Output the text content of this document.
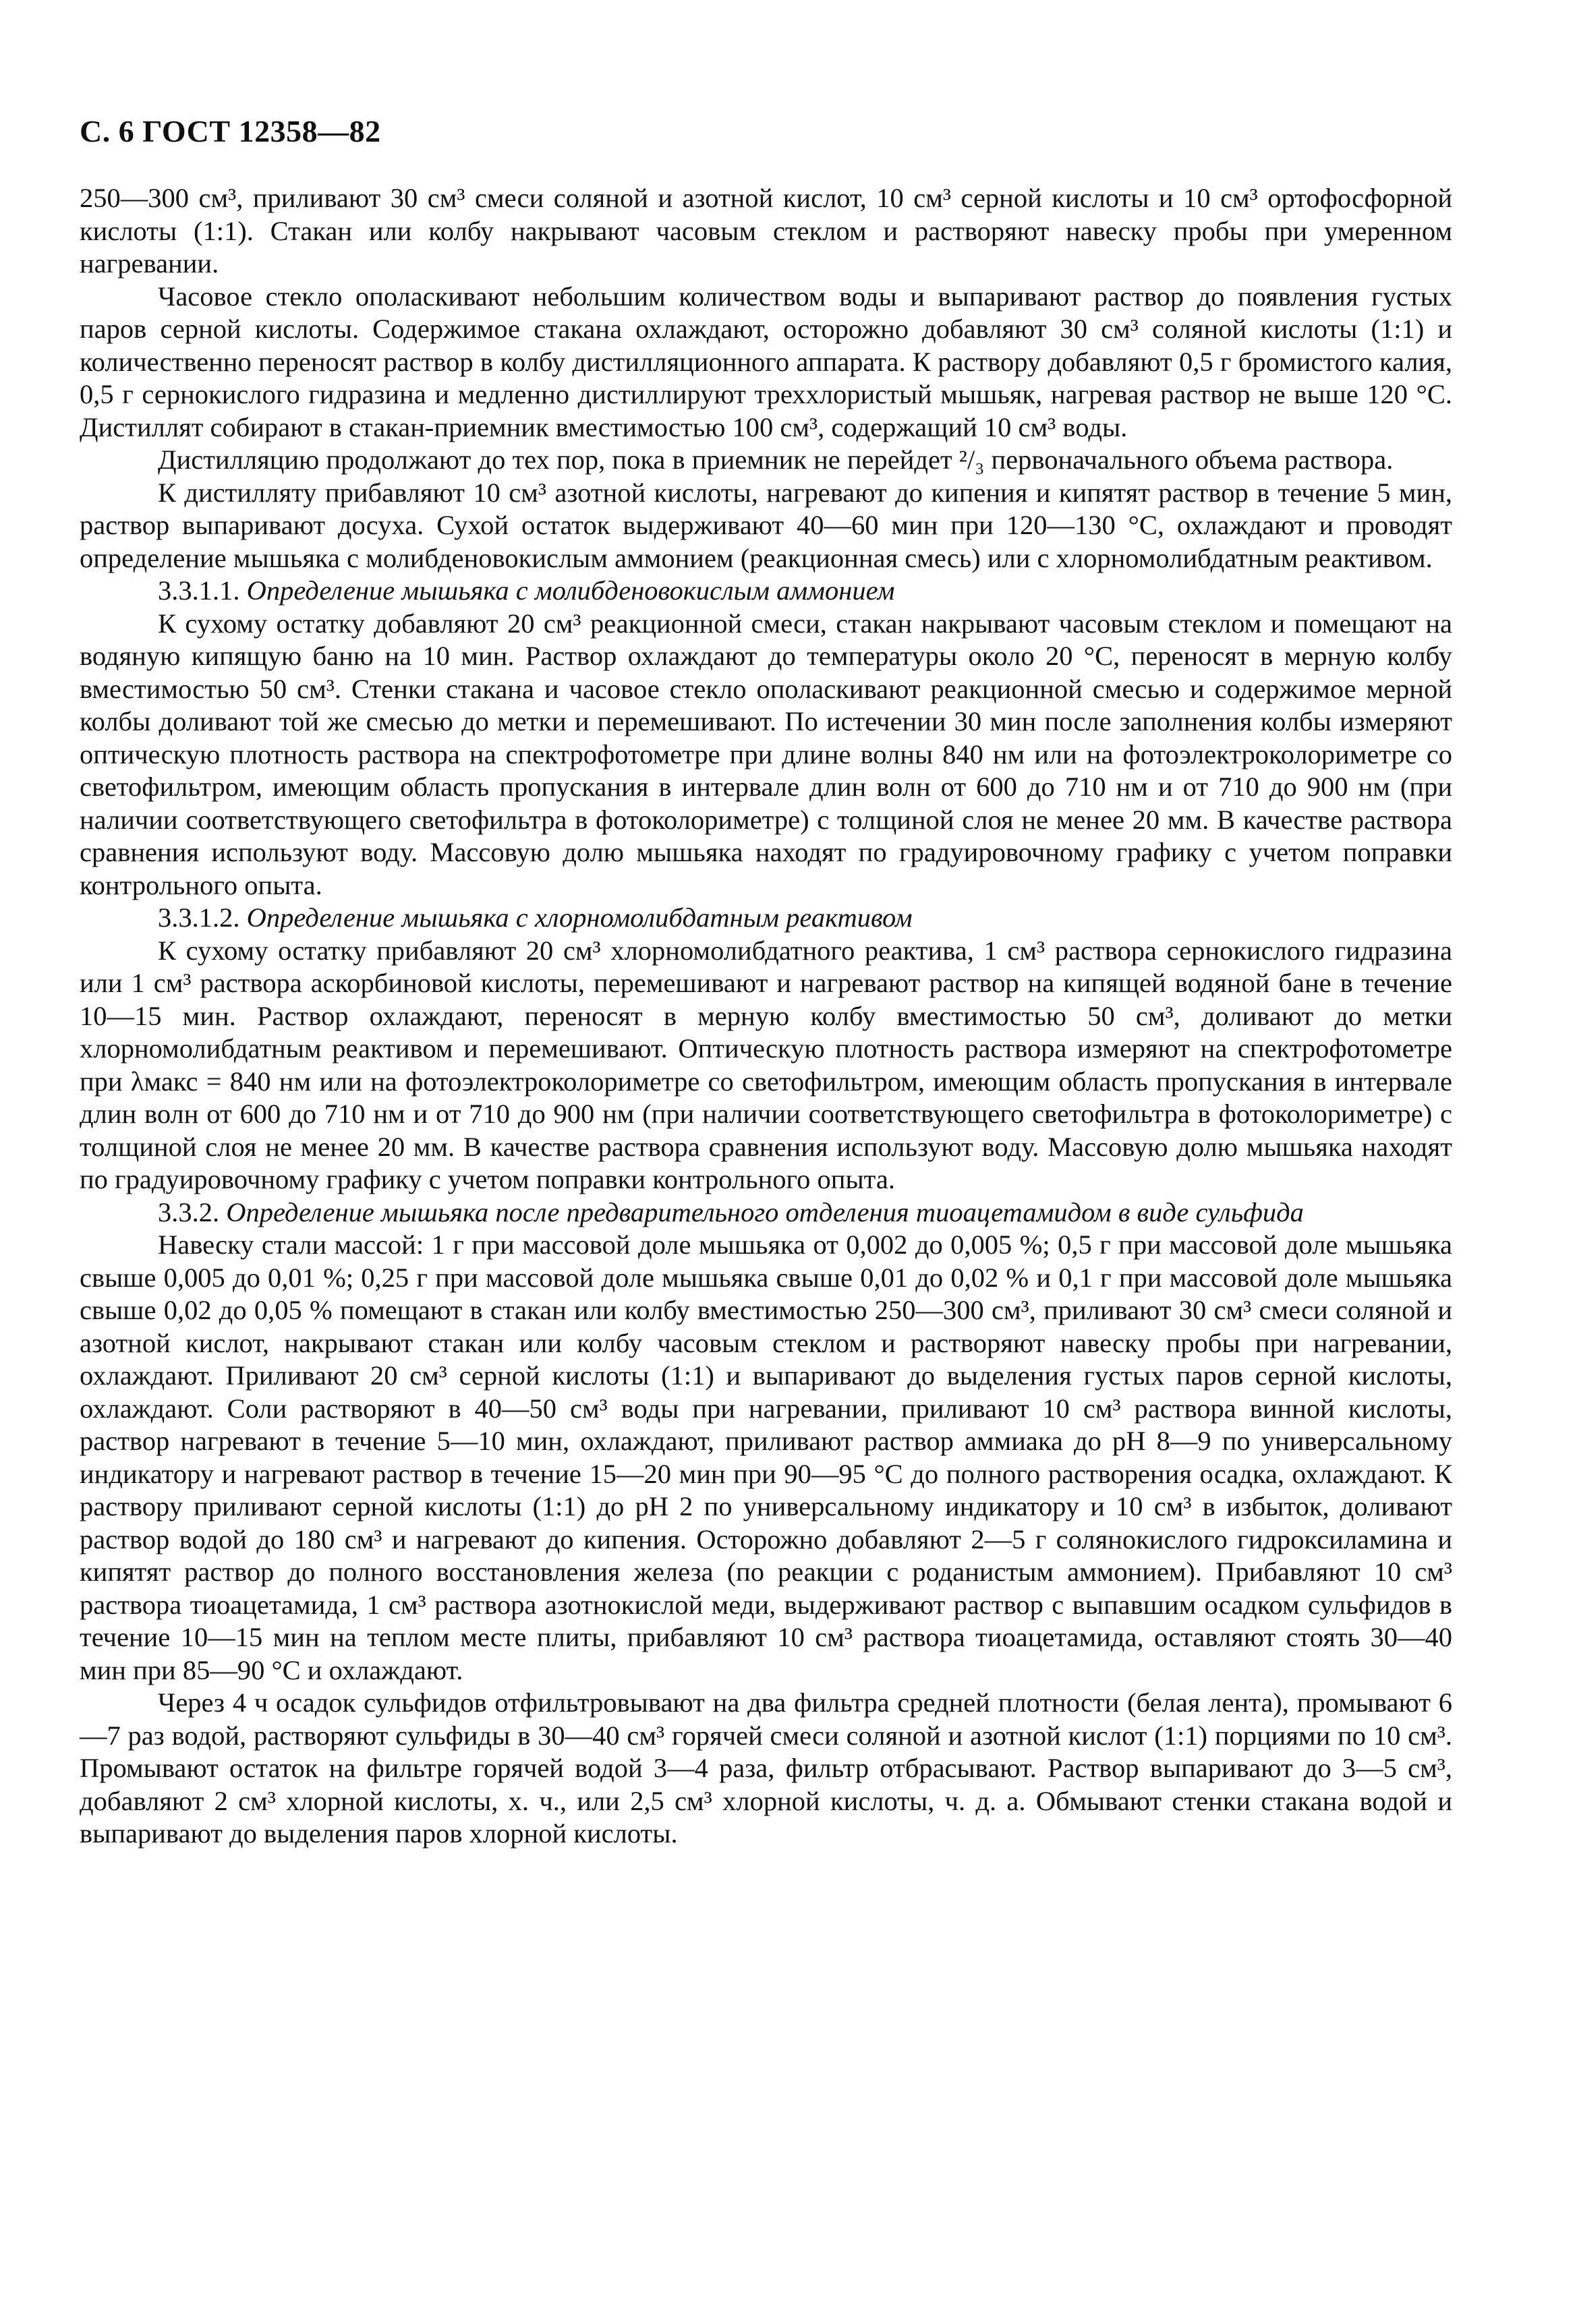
С. 6 ГОСТ 12358—82

250—300 см³, приливают 30 см³ смеси соляной и азотной кислот, 10 см³ серной кислоты и 10 см³ ортофосфорной кислоты (1:1). Стакан или колбу накрывают часовым стеклом и растворяют навеску пробы при умеренном нагревании.

Часовое стекло ополаскивают небольшим количеством воды и выпаривают раствор до появления густых паров серной кислоты. Содержимое стакана охлаждают, осторожно добавляют 30 см³ соляной кислоты (1:1) и количественно переносят раствор в колбу дистилляционного аппарата. К раствору добавляют 0,5 г бромистого калия, 0,5 г сернокислого гидразина и медленно дистиллируют треххлористый мышьяк, нагревая раствор не выше 120 °С. Дистиллят собирают в стакан-приемник вместимостью 100 см³, содержащий 10 см³ воды.

Дистилляцию продолжают до тех пор, пока в приемник не перейдет ²/₃ первоначального объема раствора.

К дистилляту прибавляют 10 см³ азотной кислоты, нагревают до кипения и кипятят раствор в течение 5 мин, раствор выпаривают досуха. Сухой остаток выдерживают 40—60 мин при 120—130 °С, охлаждают и проводят определение мышьяка с молибденовокислым аммонием (реакционная смесь) или с хлорномолибдатным реактивом.

3.3.1.1. Определение мышьяка с молибденовокислым аммонием

К сухому остатку добавляют 20 см³ реакционной смеси, стакан накрывают часовым стеклом и помещают на водяную кипящую баню на 10 мин. Раствор охлаждают до температуры около 20 °С, переносят в мерную колбу вместимостью 50 см³. Стенки стакана и часовое стекло ополаскивают реакционной смесью и содержимое мерной колбы доливают той же смесью до метки и перемешивают. По истечении 30 мин после заполнения колбы измеряют оптическую плотность раствора на спектрофотометре при длине волны 840 нм или на фотоэлектроколориметре со светофильтром, имеющим область пропускания в интервале длин волн от 600 до 710 нм и от 710 до 900 нм (при наличии соответствующего светофильтра в фотоколориметре) с толщиной слоя не менее 20 мм. В качестве раствора сравнения используют воду. Массовую долю мышьяка находят по градуировочному графику с учетом поправки контрольного опыта.

3.3.1.2. Определение мышьяка с хлорномолибдатным реактивом

К сухому остатку прибавляют 20 см³ хлорномолибдатного реактива, 1 см³ раствора сернокислого гидразина или 1 см³ раствора аскорбиновой кислоты, перемешивают и нагревают раствор на кипящей водяной бане в течение 10—15 мин. Раствор охлаждают, переносят в мерную колбу вместимостью 50 см³, доливают до метки хлорномолибдатным реактивом и перемешивают. Оптическую плотность раствора измеряют на спектрофотометре при λмакс = 840 нм или на фотоэлектроколориметре со светофильтром, имеющим область пропускания в интервале длин волн от 600 до 710 нм и от 710 до 900 нм (при наличии соответствующего светофильтра в фотоколориметре) с толщиной слоя не менее 20 мм. В качестве раствора сравнения используют воду. Массовую долю мышьяка находят по градуировочному графику с учетом поправки контрольного опыта.

3.3.2. Определение мышьяка после предварительного отделения тиоацетамидом в виде сульфида

Навеску стали массой: 1 г при массовой доле мышьяка от 0,002 до 0,005 %; 0,5 г при массовой доле мышьяка свыше 0,005 до 0,01 %; 0,25 г при массовой доле мышьяка свыше 0,01 до 0,02 % и 0,1 г при массовой доле мышьяка свыше 0,02 до 0,05 % помещают в стакан или колбу вместимостью 250—300 см³, приливают 30 см³ смеси соляной и азотной кислот, накрывают стакан или колбу часовым стеклом и растворяют навеску пробы при нагревании, охлаждают. Приливают 20 см³ серной кислоты (1:1) и выпаривают до выделения густых паров серной кислоты, охлаждают. Соли растворяют в 40—50 см³ воды при нагревании, приливают 10 см³ раствора винной кислоты, раствор нагревают в течение 5—10 мин, охлаждают, приливают раствор аммиака до рН 8—9 по универсальному индикатору и нагревают раствор в течение 15—20 мин при 90—95 °С до полного растворения осадка, охлаждают. К раствору приливают серной кислоты (1:1) до рН 2 по универсальному индикатору и 10 см³ в избыток, доливают раствор водой до 180 см³ и нагревают до кипения. Осторожно добавляют 2—5 г солянокислого гидроксиламина и кипятят раствор до полного восстановления железа (по реакции с роданистым аммонием). Прибавляют 10 см³ раствора тиоацетамида, 1 см³ раствора азотнокислой меди, выдерживают раствор с выпавшим осадком сульфидов в течение 10—15 мин на теплом месте плиты, прибавляют 10 см³ раствора тиоацетамида, оставляют стоять 30—40 мин при 85—90 °С и охлаждают.

Через 4 ч осадок сульфидов отфильтровывают на два фильтра средней плотности (белая лента), промывают 6—7 раз водой, растворяют сульфиды в 30—40 см³ горячей смеси соляной и азотной кислот (1:1) порциями по 10 см³. Промывают остаток на фильтре горячей водой 3—4 раза, фильтр отбрасывают. Раствор выпаривают до 3—5 см³, добавляют 2 см³ хлорной кислоты, х. ч., или 2,5 см³ хлорной кислоты, ч. д. а. Обмывают стенки стакана водой и выпаривают до выделения паров хлорной кислоты.
